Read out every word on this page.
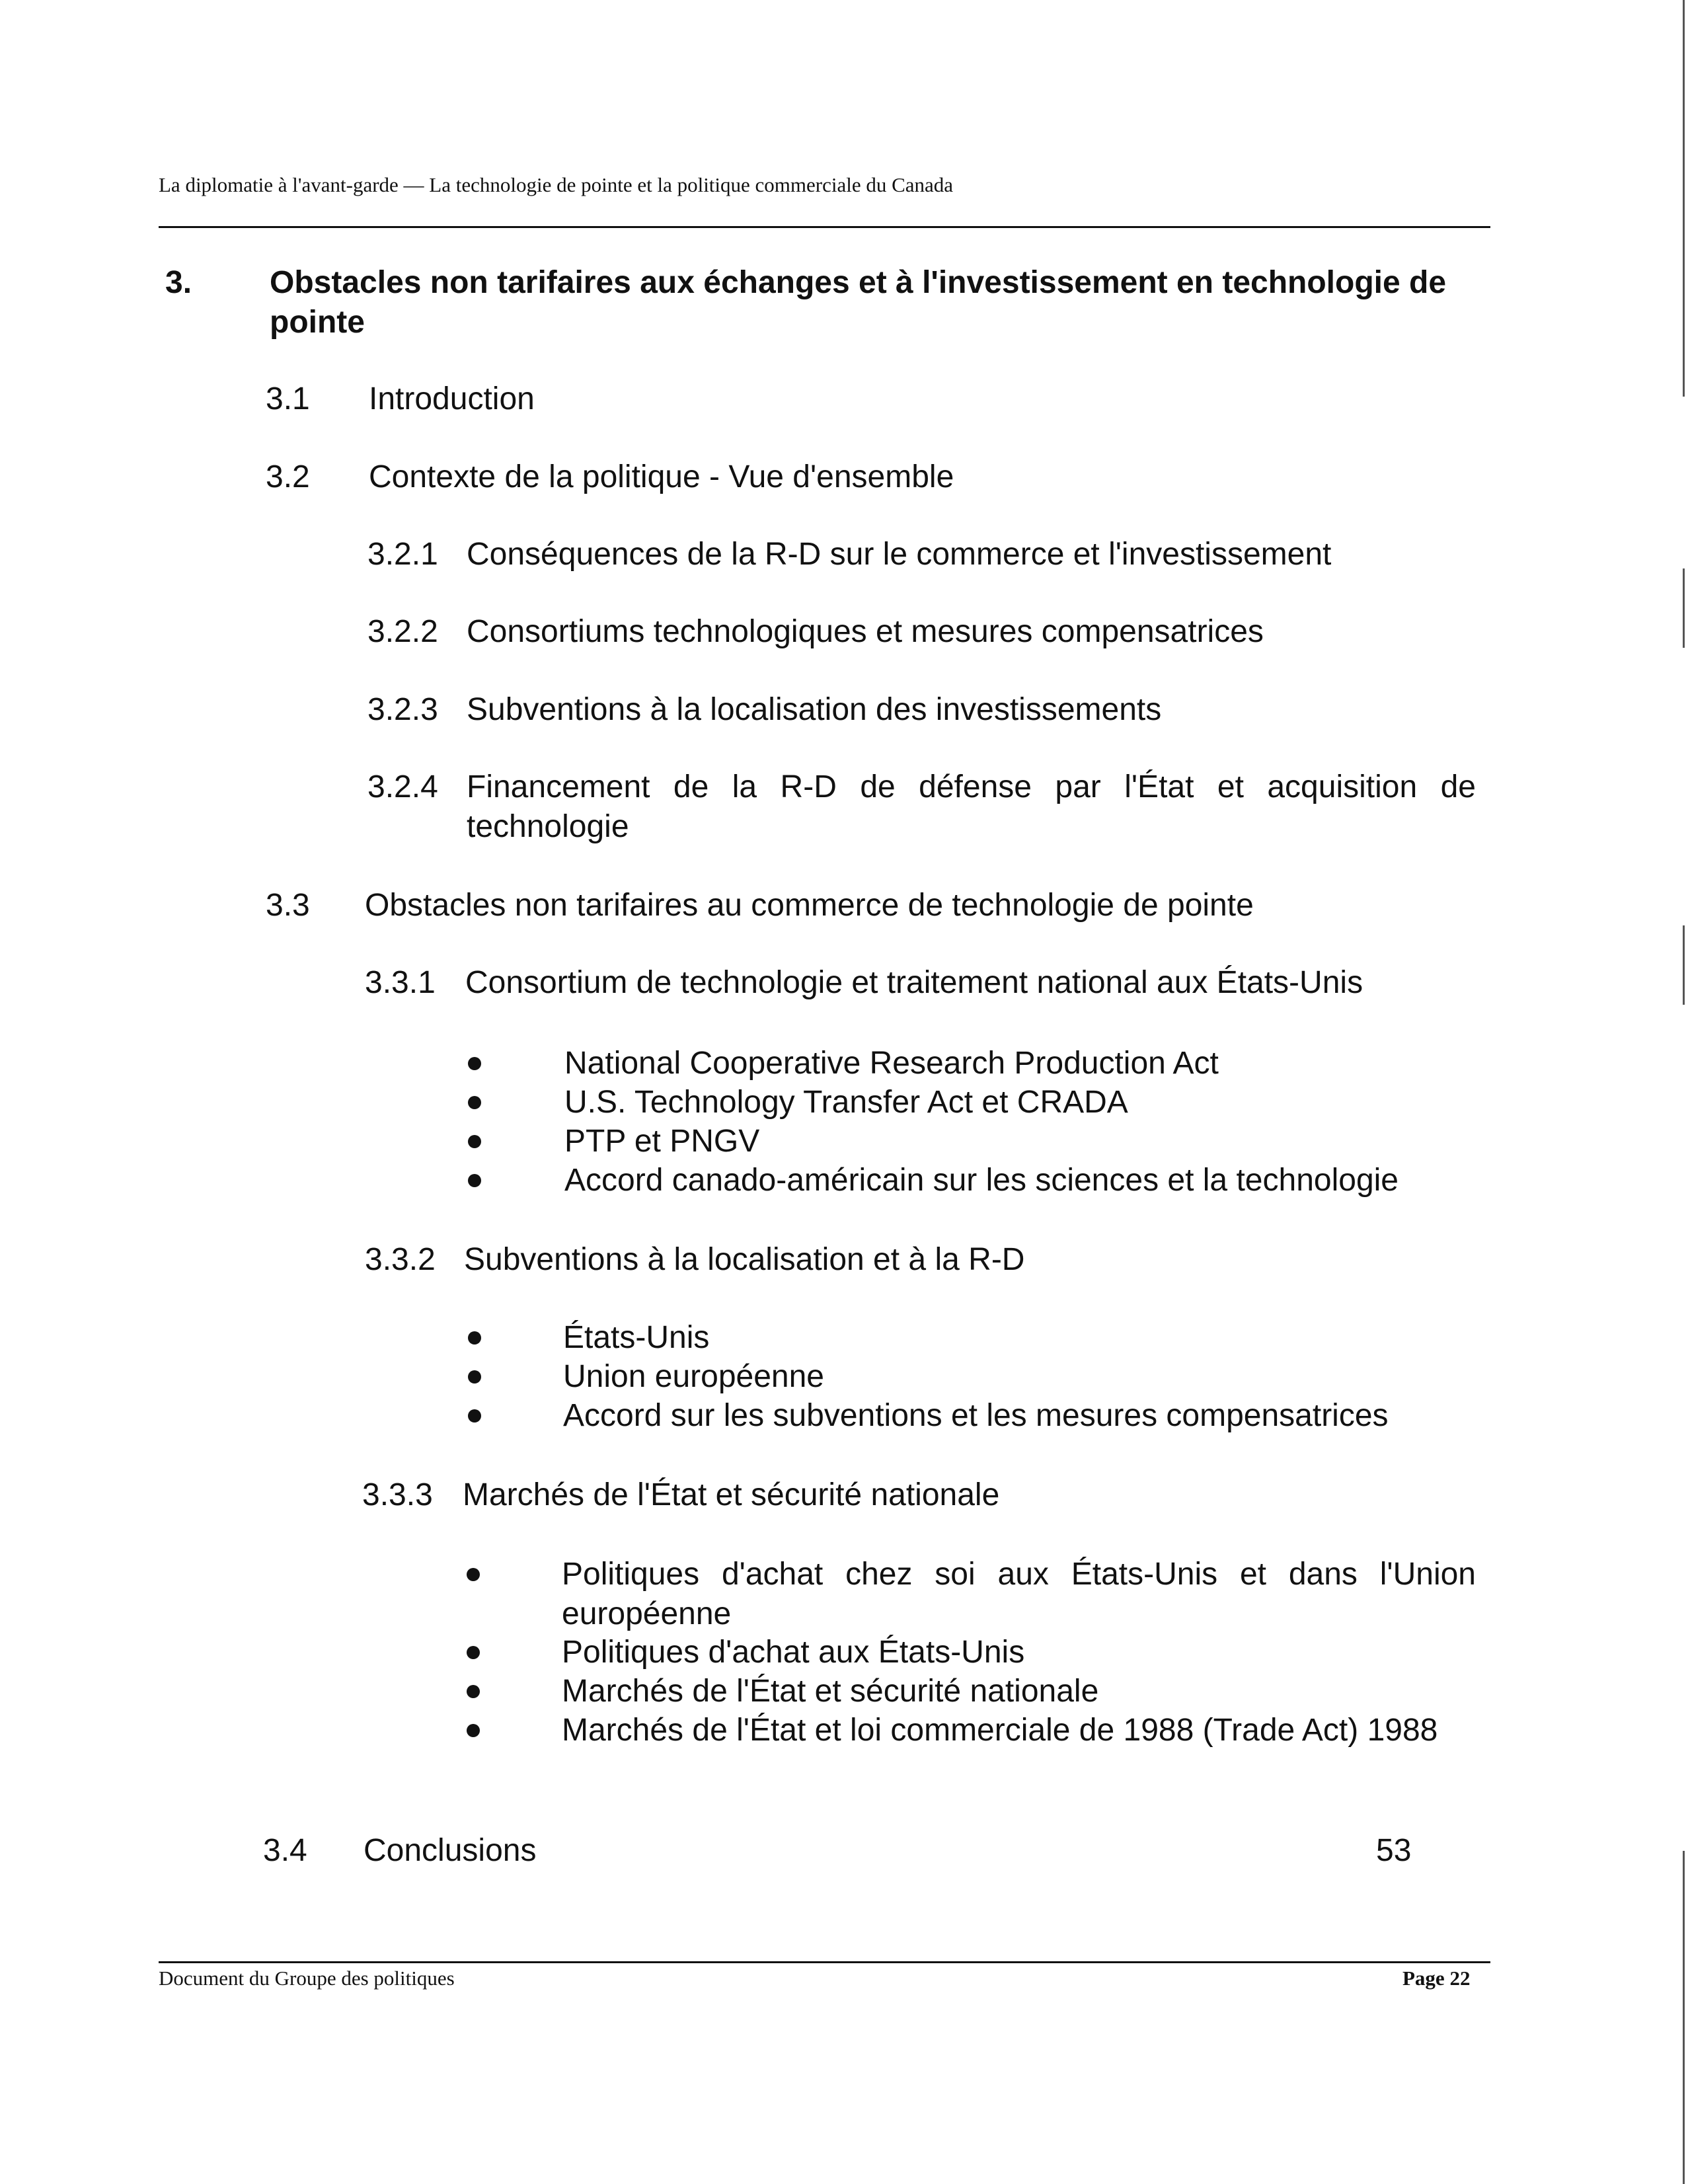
La diplomatie à l'avant-garde — La technologie de pointe et la politique commerciale du Canada
3. Obstacles non tarifaires aux échanges et à l'investissement en technologie de pointe
3.1 Introduction
3.2 Contexte de la politique - Vue d'ensemble
3.2.1 Conséquences de la R-D sur le commerce et l'investissement
3.2.2 Consortiums technologiques et mesures compensatrices
3.2.3 Subventions à la localisation des investissements
3.2.4 Financement de la R-D de défense par l'État et acquisition de technologie
3.3 Obstacles non tarifaires au commerce de technologie de pointe
3.3.1 Consortium de technologie et traitement national aux États-Unis
National Cooperative Research Production Act
U.S. Technology Transfer Act et CRADA
PTP et PNGV
Accord canado-américain sur les sciences et la technologie
3.3.2 Subventions à la localisation et à la R-D
États-Unis
Union européenne
Accord sur les subventions et les mesures compensatrices
3.3.3 Marchés de l'État et sécurité nationale
Politiques d'achat chez soi aux États-Unis et dans l'Union européenne
Politiques d'achat aux États-Unis
Marchés de l'État et sécurité nationale
Marchés de l'État et loi commerciale de 1988 (Trade Act) 1988
3.4 Conclusions	53
Document du Groupe des politiques	Page 22
